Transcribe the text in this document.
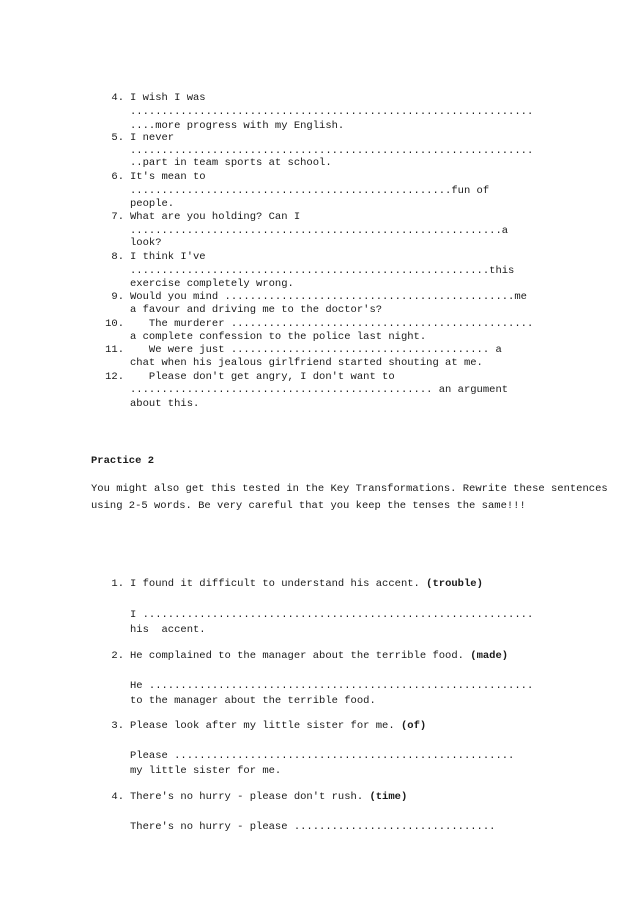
4. I wish I was
................................................................
....more progress with my English.
5. I never
................................................................
..part in team sports at school.
6. It's mean to
...................................................fun of
people.
7. What are you holding? Can I
...........................................................a
look?
8. I think I've
.........................................................this
exercise completely wrong.
9. Would you mind ..............................................me
a favour and driving me to the doctor's?
10. The murderer ................................................
a complete confession to the police last night.
11. We were just ......................................... a
chat when his jealous girlfriend started shouting at me.
12. Please don't get angry, I don't want to
................................................ an argument
about this.
Practice 2
You might also get this tested in the Key Transformations. Rewrite these sentences using 2-5 words. Be very careful that you keep the tenses the same!!!
1. I found it difficult to understand his accent. (trouble)
I ..............................................................
his  accent.
2. He complained to the manager about the terrible food. (made)
He .............................................................
to the manager about the terrible food.
3. Please look after my little sister for me. (of)
Please ......................................................
my little sister for me.
4. There's no hurry - please don't rush. (time)
There's no hurry - please ................................
